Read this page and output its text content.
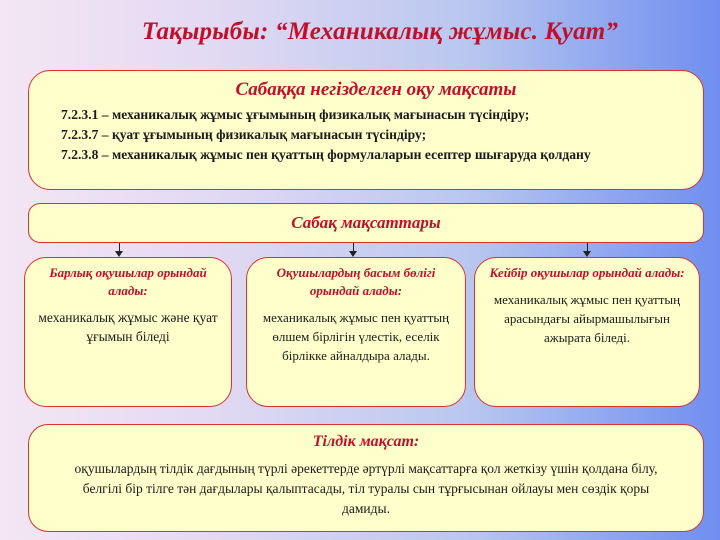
Тақырыбы: “Механикалық жұмыс. Қуат”
Сабаққа негізделген оқу мақсаты
7.2.3.1 – механикалық жұмыс ұғымының физикалық мағынасын түсіндіру;
7.2.3.7 – қуат ұғымының физикалық мағынасын түсіндіру;
7.2.3.8 – механикалық жұмыс пен қуаттың формулаларын есептер шығаруда қолдану
Сабақ мақсаттары
Барлық оқушылар орындай алады:
механикалық жұмыс және қуат ұғымын біледі
Оқушылардың басым бөлігі орындай алады:
механикалық жұмыс пен қуаттың өлшем бірлігін үлестік, еселік бірлікке айналдыра алады.
Кейбір оқушылар орындай алады:
механикалық жұмыс пен қуаттың арасындағы айырмашылығын ажырата біледі.
Тілдік мақсат:
оқушылардың тілдік дағдының түрлі әрекеттерде әртүрлі мақсаттарға қол жеткізу үшін қолдана білу, белгілі бір тілге тән дағдылары қалыптасады, тіл туралы сын тұрғысынан ойлауы мен сөздік қоры дамиды.
